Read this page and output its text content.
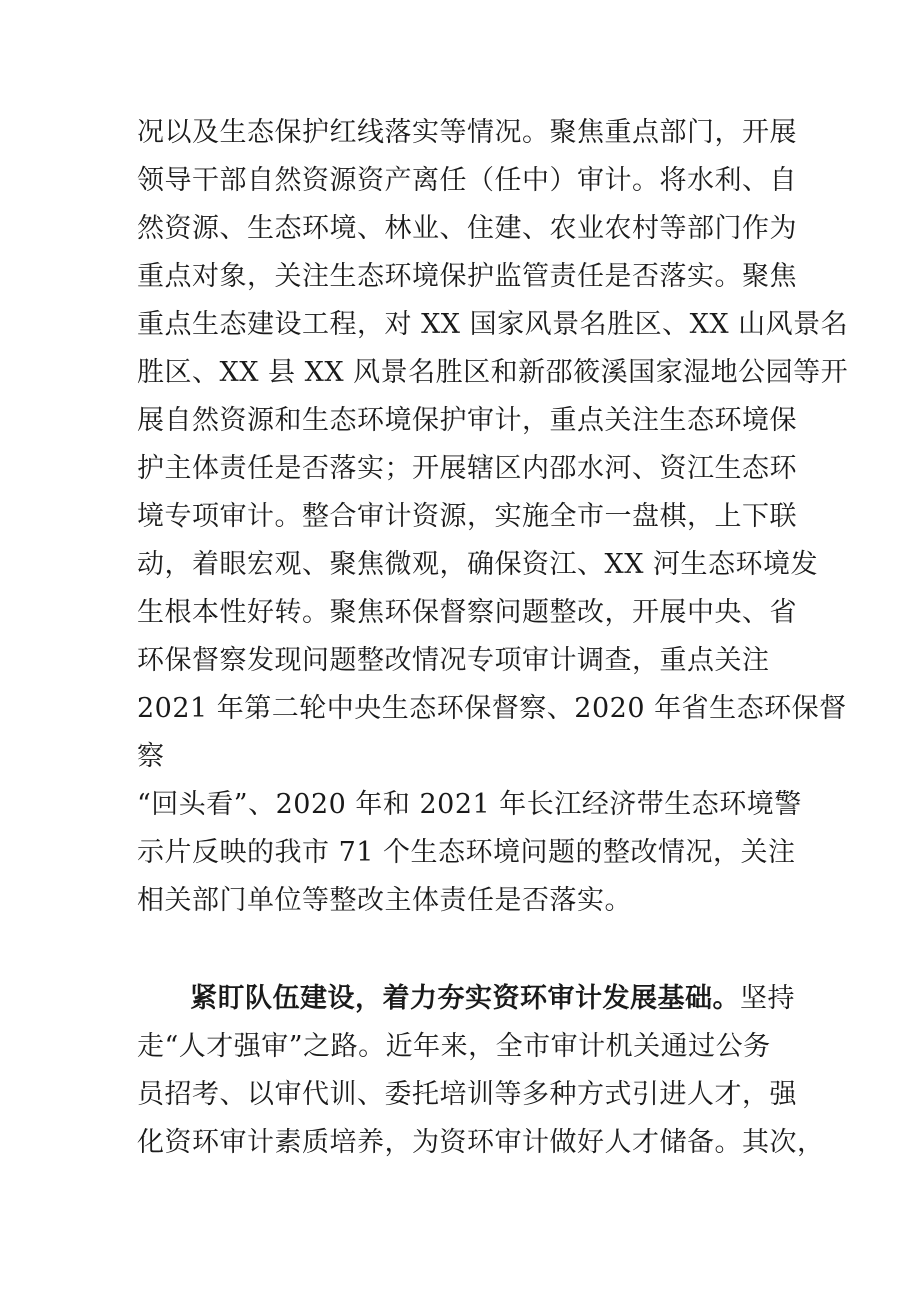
况以及生态保护红线落实等情况。聚焦重点部门，开展
领导干部自然资源资产离任（任中）审计。将水利、自
然资源、生态环境、林业、住建、农业农村等部门作为
重点对象，关注生态环境保护监管责任是否落实。聚焦
重点生态建设工程，对 XX 国家风景名胜区、XX 山风景名
胜区、XX 县 XX 风景名胜区和新邵筱溪国家湿地公园等开
展自然资源和生态环境保护审计，重点关注生态环境保
护主体责任是否落实；开展辖区内邵水河、资江生态环
境专项审计。整合审计资源，实施全市一盘棋，上下联
动，着眼宏观、聚焦微观，确保资江、XX 河生态环境发
生根本性好转。聚焦环保督察问题整改，开展中央、省
环保督察发现问题整改情况专项审计调查，重点关注
2021 年第二轮中央生态环保督察、2020 年省生态环保督
察
“回头看”、2020 年和 2021 年长江经济带生态环境警
示片反映的我市 71 个生态环境问题的整改情况，关注
相关部门单位等整改主体责任是否落实。
紧盯队伍建设，着力夯实资环审计发展基础。坚持
走“人才强审”之路。近年来，全市审计机关通过公务
员招考、以审代训、委托培训等多种方式引进人才，强
化资环审计素质培养，为资环审计做好人才储备。其次，
